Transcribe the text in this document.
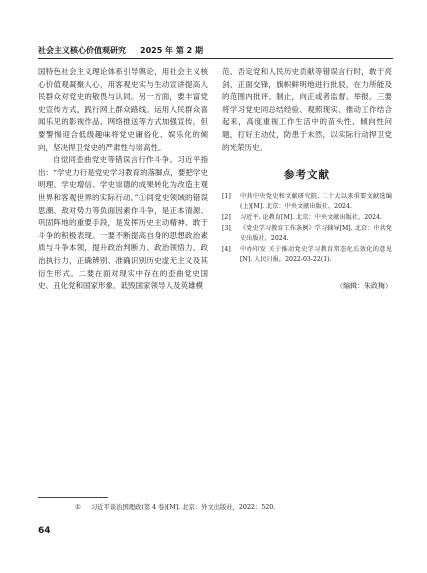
社会主义核心价值观研究 2025 年 第 2 期

国特色社会主义理论体系引导舆论，用社会主义核心价值观凝聚人心，用客观史实与生动宣讲提高人民群众对党史的敬畏与认同。另一方面，要丰富党史宣传方式，践行网上群众路线。运用人民群众喜闻乐见的影视作品、网络推送等方式加强宣传，但要警惕迎合低级趣味将党史庸俗化、娱乐化的倾向，坚决捍卫党史的严肃性与崇高性。

自觉同歪曲党史等错误言行作斗争。习近平指出：“学史力行是党史学习教育的落脚点，要把学史明理、学史增信、学史崇德的成果转化为改造主观世界和客观世界的实际行动。”①同党史领域的错误思潮、敌对势力等负面因素作斗争，是正本清源、巩固阵地的重要手段，是发挥历史主动精神、敢于斗争的积极表现。一要不断提高自身的思想政治素质与斗争本领，提升政治判断力、政治领悟力、政治执行力，正确辨别、准确识别历史虚无主义及其衍生形式。二要在面对现实中存在的歪曲党史国史、丑化党和国家形象、诋毁国家领导人及英雄模

范、否定党和人民历史贡献等错误言行时，敢于亮剑、正面交锋，旗帜鲜明地进行批驳，在力所能及的范围内批评、制止，向正或者监督、举报。三要将学习党史同总结经验、观照现实、推动工作结合起来，高度重视工作生活中的苗头性、倾向性问题，打好主动仗，防患于未然，以实际行动捍卫党的光荣历史。

参考文献
[1]	中共中央党史和文献研究院. 二十大以来重要文献选编(上)[M]. 北京：中央文献出版社，2024.
[2]	习近平. 论教育[M]. 北京：中央文献出版社，2024.
[3]	《党史学习教育工作条例》学习辅导[M]. 北京：中共党史出版社，2024.
[4]	中办印发 关于推动党史学习教育常态化长效化的意见[N]. 人民日报，2022-03-22(1).
（编辑：朱政梅）
①	习近平谈治国理政(第 4 卷)[M]. 北京：外文出版社，2022：520.
64
